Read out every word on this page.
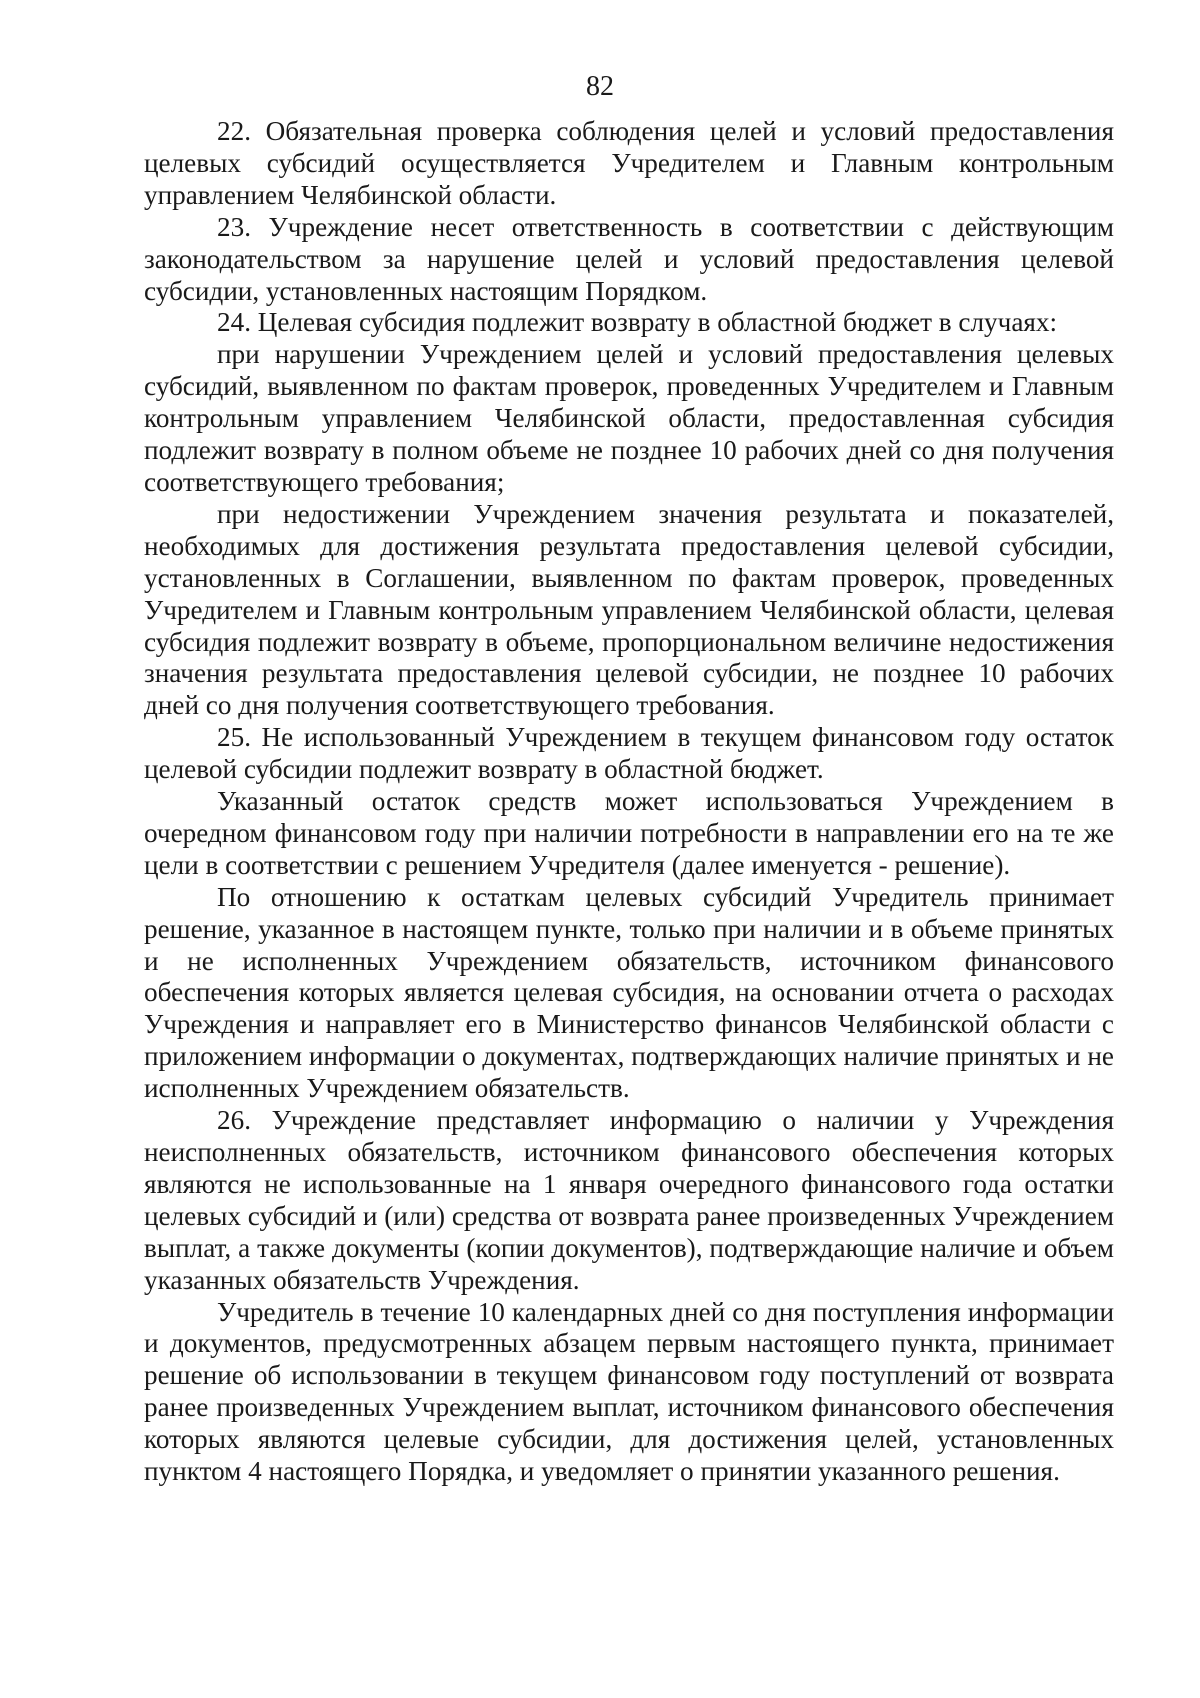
82

22. Обязательная проверка соблюдения целей и условий предоставления целевых субсидий осуществляется Учредителем и Главным контрольным управлением Челябинской области.

23. Учреждение несет ответственность в соответствии с действующим законодательством за нарушение целей и условий предоставления целевой субсидии, установленных настоящим Порядком.

24. Целевая субсидия подлежит возврату в областной бюджет в случаях:

при нарушении Учреждением целей и условий предоставления целевых субсидий, выявленном по фактам проверок, проведенных Учредителем и Главным контрольным управлением Челябинской области, предоставленная субсидия подлежит возврату в полном объеме не позднее 10 рабочих дней со дня получения соответствующего требования;

при недостижении Учреждением значения результата и показателей, необходимых для достижения результата предоставления целевой субсидии, установленных в Соглашении, выявленном по фактам проверок, проведенных Учредителем и Главным контрольным управлением Челябинской области, целевая субсидия подлежит возврату в объеме, пропорциональном величине недостижения значения результата предоставления целевой субсидии, не позднее 10 рабочих дней со дня получения соответствующего требования.

25. Не использованный Учреждением в текущем финансовом году остаток целевой субсидии подлежит возврату в областной бюджет.

Указанный остаток средств может использоваться Учреждением в очередном финансовом году при наличии потребности в направлении его на те же цели в соответствии с решением Учредителя (далее именуется - решение).

По отношению к остаткам целевых субсидий Учредитель принимает решение, указанное в настоящем пункте, только при наличии и в объеме принятых и не исполненных Учреждением обязательств, источником финансового обеспечения которых является целевая субсидия, на основании отчета о расходах Учреждения и направляет его в Министерство финансов Челябинской области с приложением информации о документах, подтверждающих наличие принятых и не исполненных Учреждением обязательств.

26. Учреждение представляет информацию о наличии у Учреждения неисполненных обязательств, источником финансового обеспечения которых являются не использованные на 1 января очередного финансового года остатки целевых субсидий и (или) средства от возврата ранее произведенных Учреждением выплат, а также документы (копии документов), подтверждающие наличие и объем указанных обязательств Учреждения.

Учредитель в течение 10 календарных дней со дня поступления информации и документов, предусмотренных абзацем первым настоящего пункта, принимает решение об использовании в текущем финансовом году поступлений от возврата ранее произведенных Учреждением выплат, источником финансового обеспечения которых являются целевые субсидии, для достижения целей, установленных пунктом 4 настоящего Порядка, и уведомляет о принятии указанного решения.
